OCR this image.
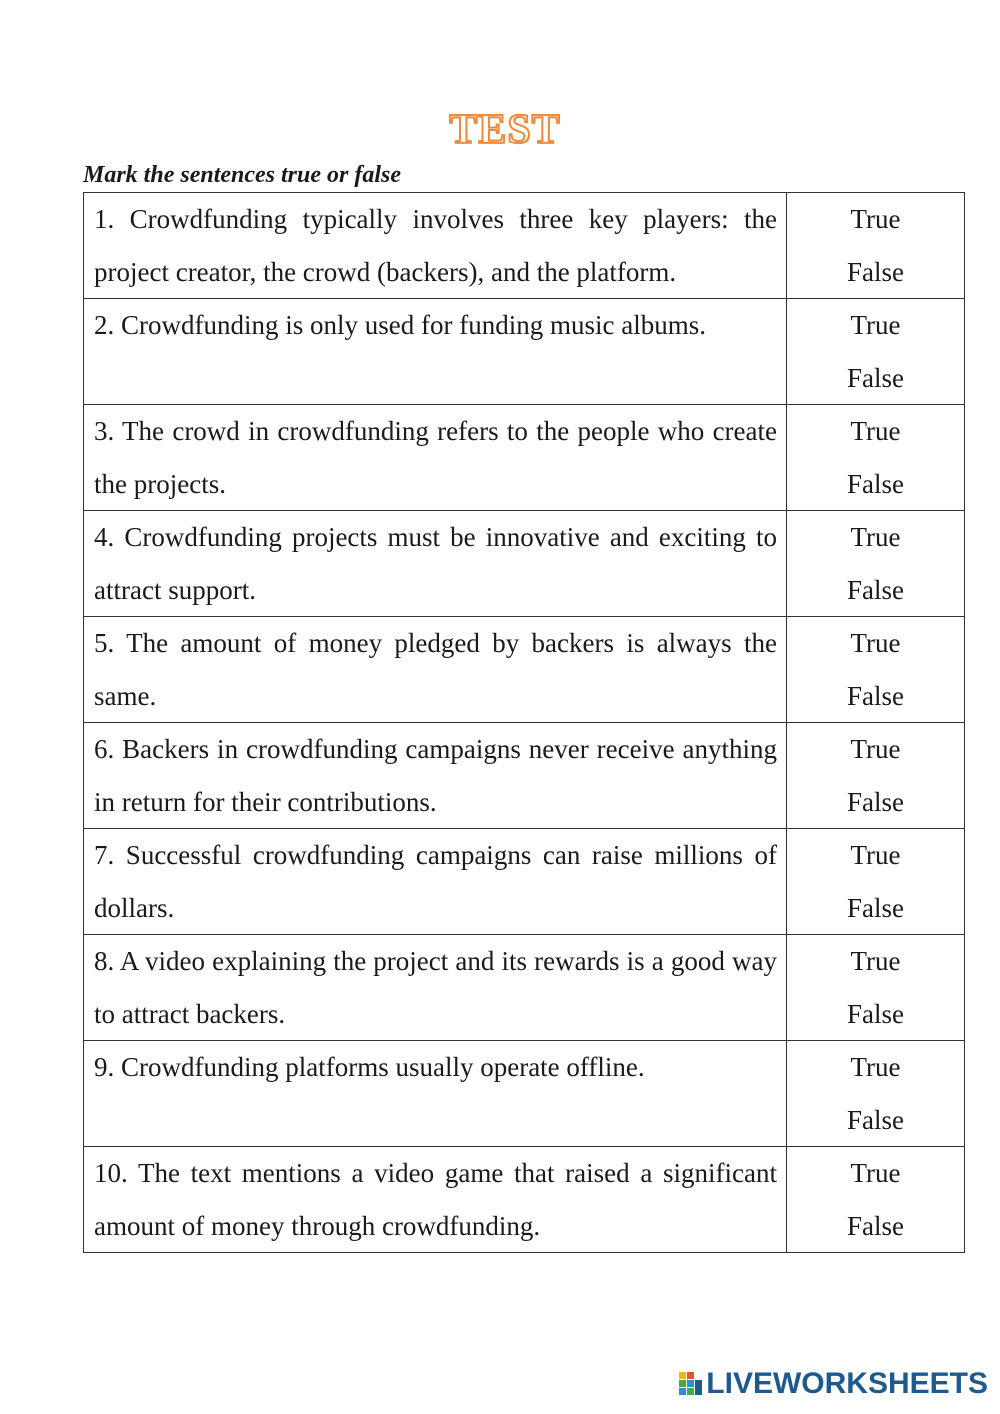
TEST
Mark the sentences true or false
1. Crowdfunding typically involves three key players: the project creator, the crowd (backers), and the platform.	True
False

2. Crowdfunding is only used for funding music albums.	True
False

3. The crowd in crowdfunding refers to the people who create the projects.	True
False

4. Crowdfunding projects must be innovative and exciting to attract support.	True
False

5. The amount of money pledged by backers is always the same.	True
False

6. Backers in crowdfunding campaigns never receive anything in return for their contributions.	True
False

7. Successful crowdfunding campaigns can raise millions of dollars.	True
False

8. A video explaining the project and its rewards is a good way to attract backers.	True
False

9. Crowdfunding platforms usually operate offline.	True
False

10. The text mentions a video game that raised a significant amount of money through crowdfunding.	True
False
LIVEWORKSHEETS
